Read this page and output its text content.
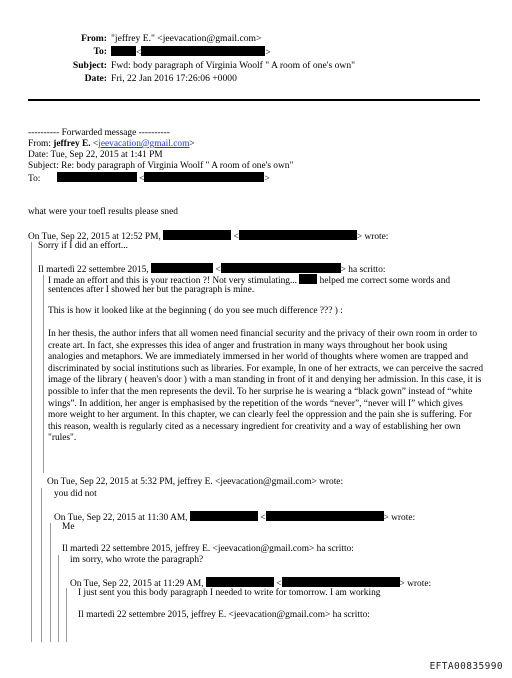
From: "jeffrey E." <jeevacation@gmail.com>
To:	<	>
Subject: Fwd: body paragraph of Virginia Woolf " A room of one's own"
Date: Fri, 22 Jan 2016 17:26:06 +0000
---------- Forwarded message ----------
From: jeffrey E. <jeevacation@gmail.com>
Date: Tue, Sep 22, 2015 at 1:41 PM
Subject: Re: body paragraph of Virginia Woolf " A room of one's own"
To:	<	>
what were your toefl results please sned
On Tue, Sep 22, 2015 at 12:52 PM,	<	> wrote:
Sorry if I did an effort...
Il martedì 22 settembre 2015,	<	> ha scritto:
I made an effort and this is your reaction ?! Not very stimulating... helped me correct some words and
sentences after I showed her but the paragraph is mine.
This is how it looked like at the beginning ( do you see much difference ??? ) :
In her thesis, the author infers that all women need financial security and the privacy of their own room in order to create art. In fact, she expresses this idea of anger and frustration in many ways throughout her book using analogies and metaphors. We are immediately immersed in her world of thoughts where women are trapped and discriminated by social institutions such as libraries. For example, In one of her extracts, we can perceive the sacred image of the library ( heaven's door ) with a man standing in front of it and denying her admission. In this case, it is possible to infer that the men represents the devil. To her surprise he is wearing a “black gown” instead of “white wings”. In addition, her anger is emphasised by the repetition of the words “never”, “never will I” which gives more weight to her argument. In this chapter, we can clearly feel the oppression and the pain she is suffering. For this reason, wealth is regularly cited as a necessary ingredient for creativity and a way of establishing her own "rules".
On Tue, Sep 22, 2015 at 5:32 PM, jeffrey E. <jeevacation@gmail.com> wrote:
you did not
On Tue, Sep 22, 2015 at 11:30 AM,	<	> wrote:
Me
Il martedì 22 settembre 2015, jeffrey E. <jeevacation@gmail.com> ha scritto:
im sorry, who wrote the paragraph?
On Tue, Sep 22, 2015 at 11:29 AM,	<	> wrote:
I just sent you this body paragraph I needed to write for tomorrow. I am working
Il martedì 22 settembre 2015, jeffrey E. <jeevacation@gmail.com> ha scritto:
EFTA00835990
